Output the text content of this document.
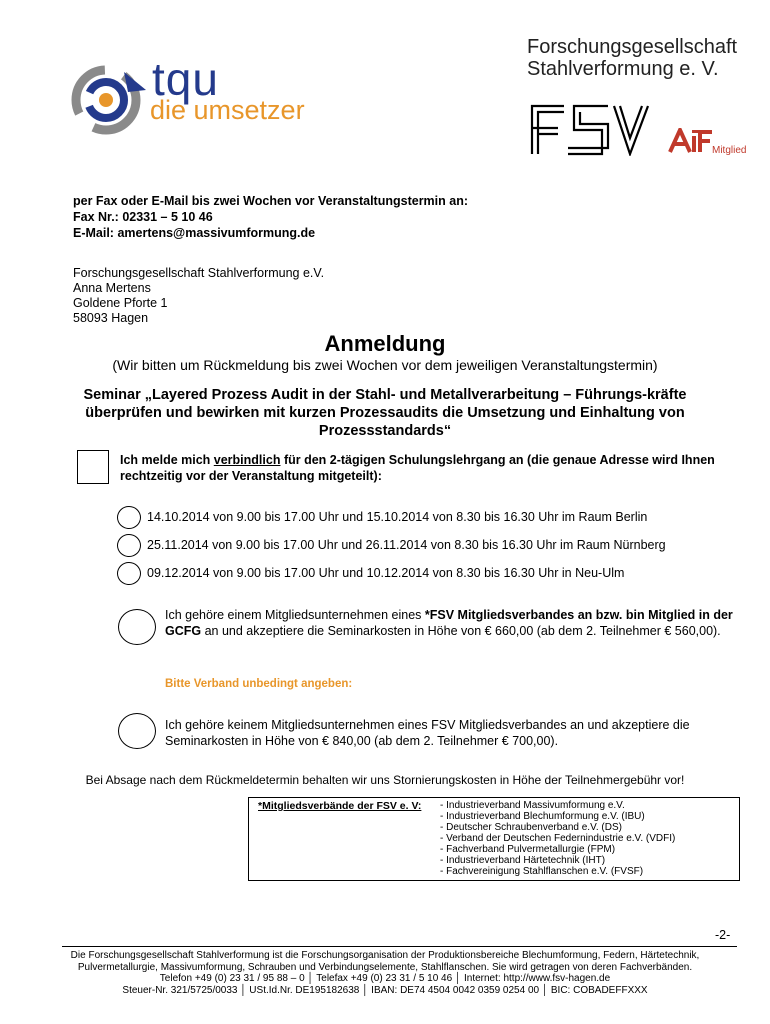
tqu
die umsetzer
Forschungsgesellschaft
Stahlverformung e. V.
Mitglied
per Fax oder E-Mail bis zwei Wochen vor Veranstaltungstermin an:
Fax Nr.: 02331 – 5 10 46
E-Mail: amertens@massivumformung.de
Forschungsgesellschaft Stahlverformung e.V.
Anna Mertens
Goldene Pforte 1
58093 Hagen
Anmeldung
(Wir bitten um Rückmeldung bis zwei Wochen vor dem jeweiligen Veranstaltungstermin)
Seminar „Layered Prozess Audit in der Stahl- und Metallverarbeitung – Führungs-kräfte überprüfen und bewirken mit kurzen Prozessaudits die Umsetzung und Einhaltung von Prozessstandards“
Ich melde mich verbindlich für den 2-tägigen Schulungslehrgang an (die genaue Adresse wird Ihnen rechtzeitig vor der Veranstaltung mitgeteilt):
14.10.2014 von 9.00 bis 17.00 Uhr und 15.10.2014 von 8.30 bis 16.30 Uhr im Raum Berlin
25.11.2014 von 9.00 bis 17.00 Uhr und 26.11.2014 von 8.30 bis 16.30 Uhr im Raum Nürnberg
09.12.2014 von 9.00 bis 17.00 Uhr und 10.12.2014 von 8.30 bis 16.30 Uhr in Neu-Ulm
Ich gehöre einem Mitgliedsunternehmen eines *FSV Mitgliedsverbandes an bzw. bin Mitglied in der GCFG an und akzeptiere die Seminarkosten in Höhe von € 660,00 (ab dem 2. Teilnehmer € 560,00).
Bitte Verband unbedingt angeben:
Ich gehöre keinem Mitgliedsunternehmen eines FSV Mitgliedsverbandes an und akzeptiere die Seminarkosten in Höhe von € 840,00 (ab dem 2. Teilnehmer € 700,00).
Bei Absage nach dem Rückmeldetermin behalten wir uns Stornierungskosten in Höhe der Teilnehmergebühr vor!
*Mitgliedsverbände der FSV e. V: - Industrieverband Massivumformung e.V.
- Industrieverband Blechumformung e.V. (IBU)
- Deutscher Schraubenverband e.V. (DS)
- Verband der Deutschen Federnindustrie e.V. (VDFI)
- Fachverband Pulvermetallurgie (FPM)
- Industrieverband Härtetechnik (IHT)
- Fachvereinigung Stahlflanschen e.V. (FVSF)
-2-
Die Forschungsgesellschaft Stahlverformung ist die Forschungsorganisation der Produktionsbereiche Blechumformung, Federn, Härtetechnik,
Pulvermetallurgie, Massivumformung, Schrauben und Verbindungselemente, Stahlflanschen. Sie wird getragen von deren Fachverbänden.
Telefon +49 (0) 23 31 / 95 88 – 0 │ Telefax +49 (0) 23 31 / 5 10 46 │ Internet: http://www.fsv-hagen.de
Steuer-Nr. 321/5725/0033 │ USt.Id.Nr. DE195182638 │ IBAN: DE74 4504 0042 0359 0254 00 │ BIC: COBADEFFXXX
